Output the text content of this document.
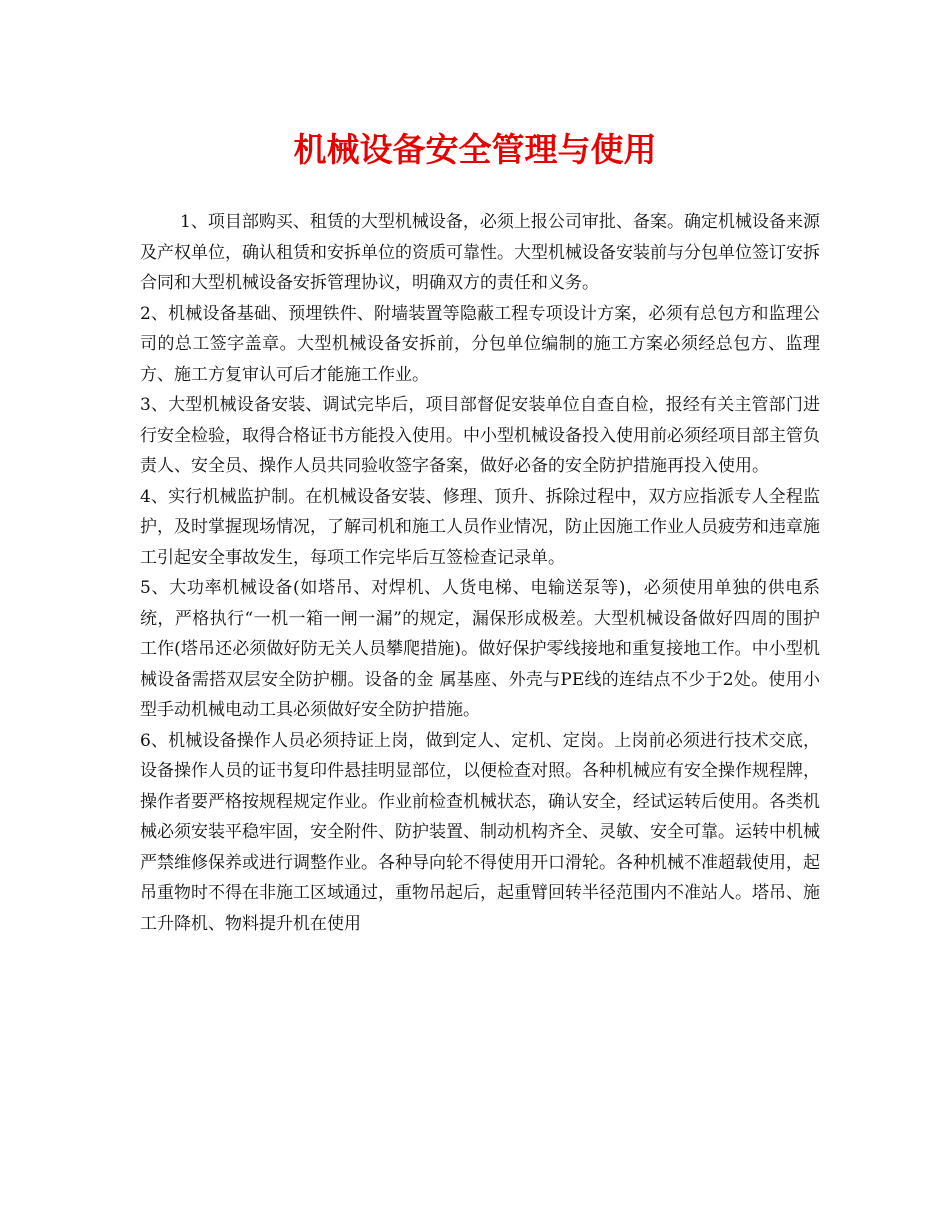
机械设备安全管理与使用

1、项目部购买、租赁的大型机械设备，必须上报公司审批、备案。确定机械设备来源及产权单位，确认租赁和安拆单位的资质可靠性。大型机械设备安装前与分包单位签订安拆合同和大型机械设备安拆管理协议，明确双方的责任和义务。

2、机械设备基础、预埋铁件、附墙装置等隐蔽工程专项设计方案，必须有总包方和监理公司的总工签字盖章。大型机械设备安拆前，分包单位编制的施工方案必须经总包方、监理方、施工方复审认可后才能施工作业。

3、大型机械设备安装、调试完毕后，项目部督促安装单位自查自检，报经有关主管部门进行安全检验，取得合格证书方能投入使用。中小型机械设备投入使用前必须经项目部主管负责人、安全员、操作人员共同验收签字备案，做好必备的安全防护措施再投入使用。

4、实行机械监护制。在机械设备安装、修理、顶升、拆除过程中，双方应指派专人全程监护，及时掌握现场情况，了解司机和施工人员作业情况，防止因施工作业人员疲劳和违章施工引起安全事故发生，每项工作完毕后互签检查记录单。

5、大功率机械设备(如塔吊、对焊机、人货电梯、电输送泵等)，必须使用单独的供电系统，严格执行“一机一箱一闸一漏”的规定，漏保形成极差。大型机械设备做好四周的围护工作(塔吊还必须做好防无关人员攀爬措施)。做好保护零线接地和重复接地工作。中小型机械设备需搭双层安全防护棚。设备的金 属基座、外壳与PE线的连结点不少于2处。使用小型手动机械电动工具必须做好安全防护措施。

6、机械设备操作人员必须持证上岗，做到定人、定机、定岗。上岗前必须进行技术交底，设备操作人员的证书复印件悬挂明显部位，以便检查对照。各种机械应有安全操作规程牌，操作者要严格按规程规定作业。作业前检查机械状态，确认安全，经试运转后使用。各类机械必须安装平稳牢固，安全附件、防护装置、制动机构齐全、灵敏、安全可靠。运转中机械严禁维修保养或进行调整作业。各种导向轮不得使用开口滑轮。各种机械不准超载使用，起吊重物时不得在非施工区域通过，重物吊起后，起重臂回转半径范围内不准站人。塔吊、施工升降机、物料提升机在使用
